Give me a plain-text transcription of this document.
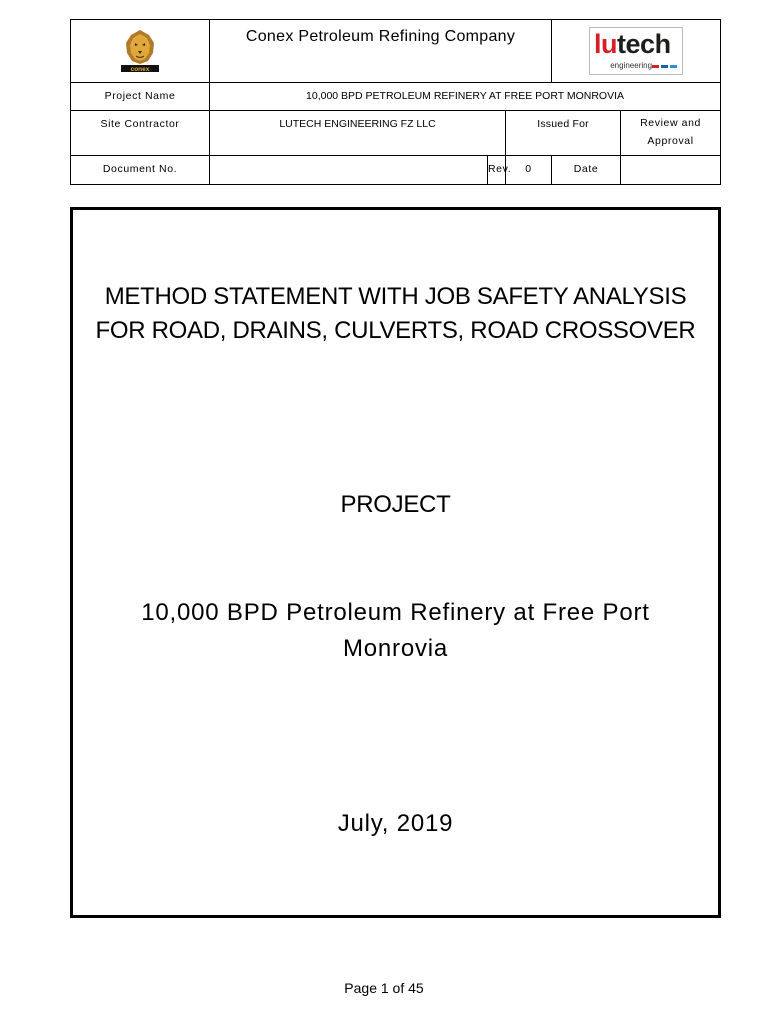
conex	Conex Petroleum Refining Company			lutech
engineering	

Project Name	10,000 BPD PETROLEUM REFINERY AT FREE PORT MONROVIA				
Site Contractor	LUTECH ENGINEERING FZ LLC		Issued For		Review and
Approval

Document No.		Rev.	0	Date	
METHOD STATEMENT WITH JOB SAFETY ANALYSIS
FOR ROAD, DRAINS, CULVERTS, ROAD CROSSOVER
PROJECT
10,000 BPD Petroleum Refinery at Free Port
Monrovia
July, 2019
Page 1 of 45
